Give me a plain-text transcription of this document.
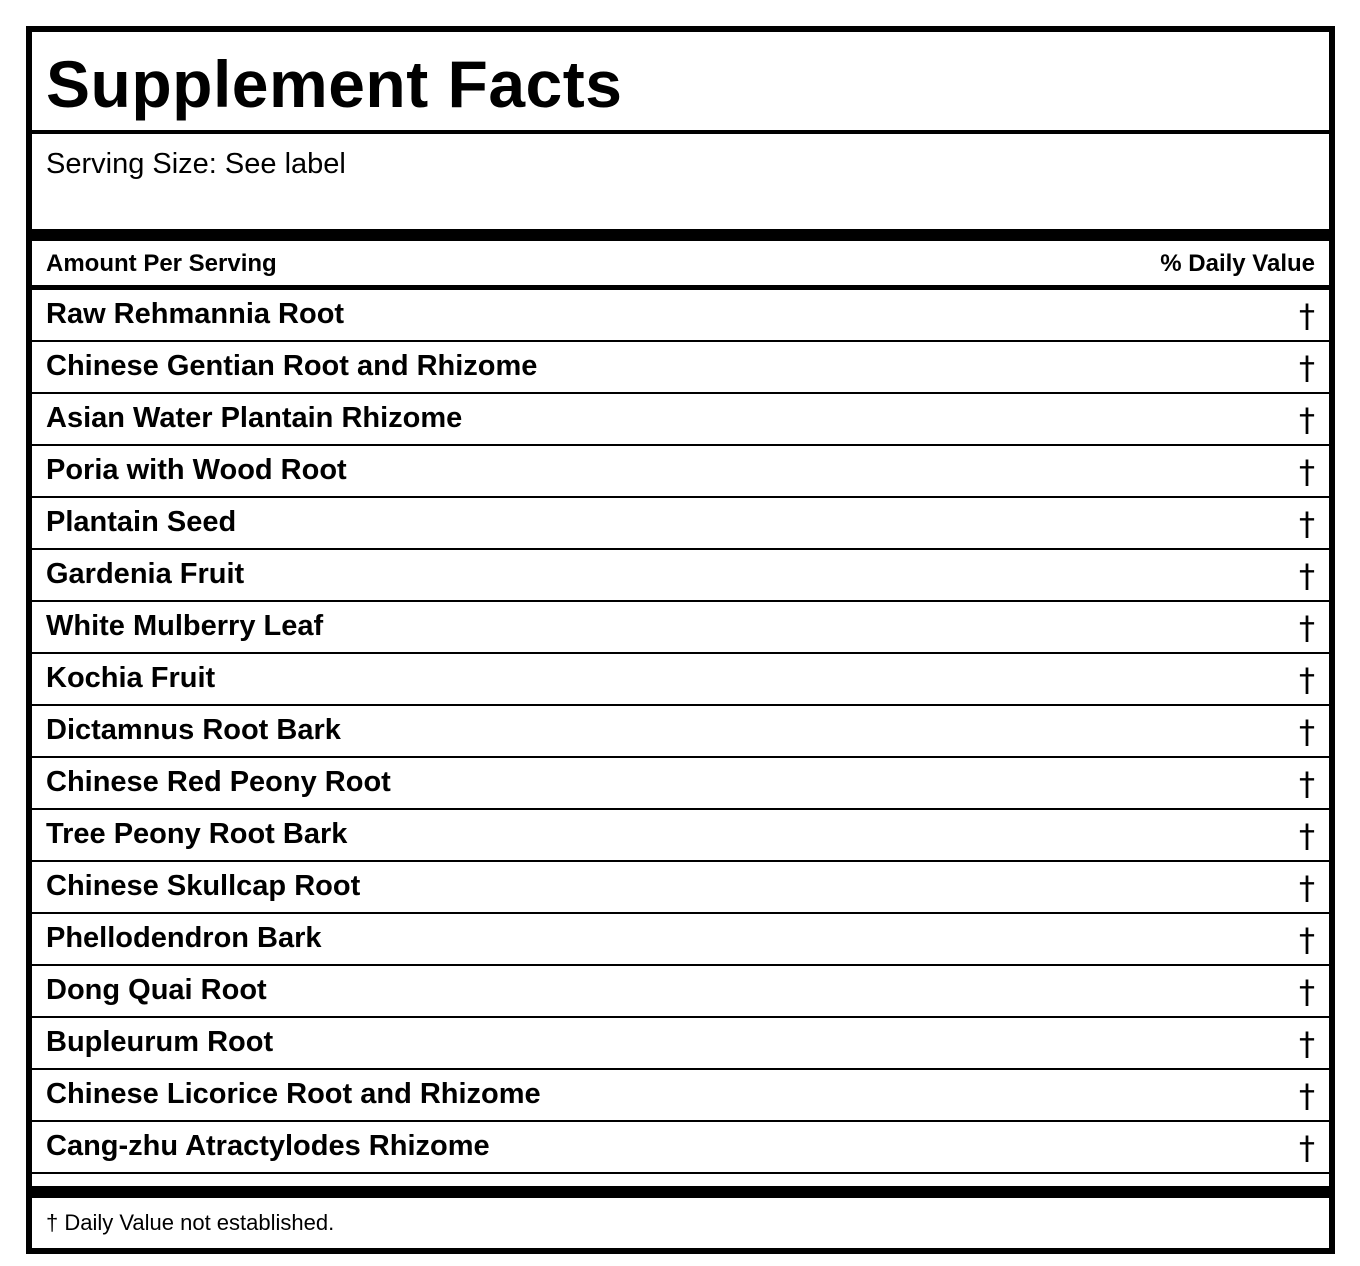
Supplement Facts
Serving Size: See label
Amount Per Serving	% Daily Value
Raw Rehmannia Root	†
Chinese Gentian Root and Rhizome	†
Asian Water Plantain Rhizome	†
Poria with Wood Root	†
Plantain Seed	†
Gardenia Fruit	†
White Mulberry Leaf	†
Kochia Fruit	†
Dictamnus Root Bark	†
Chinese Red Peony Root	†
Tree Peony Root Bark	†
Chinese Skullcap Root	†
Phellodendron Bark	†
Dong Quai Root	†
Bupleurum Root	†
Chinese Licorice Root and Rhizome	†
Cang-zhu Atractylodes Rhizome	†
† Daily Value not established.
